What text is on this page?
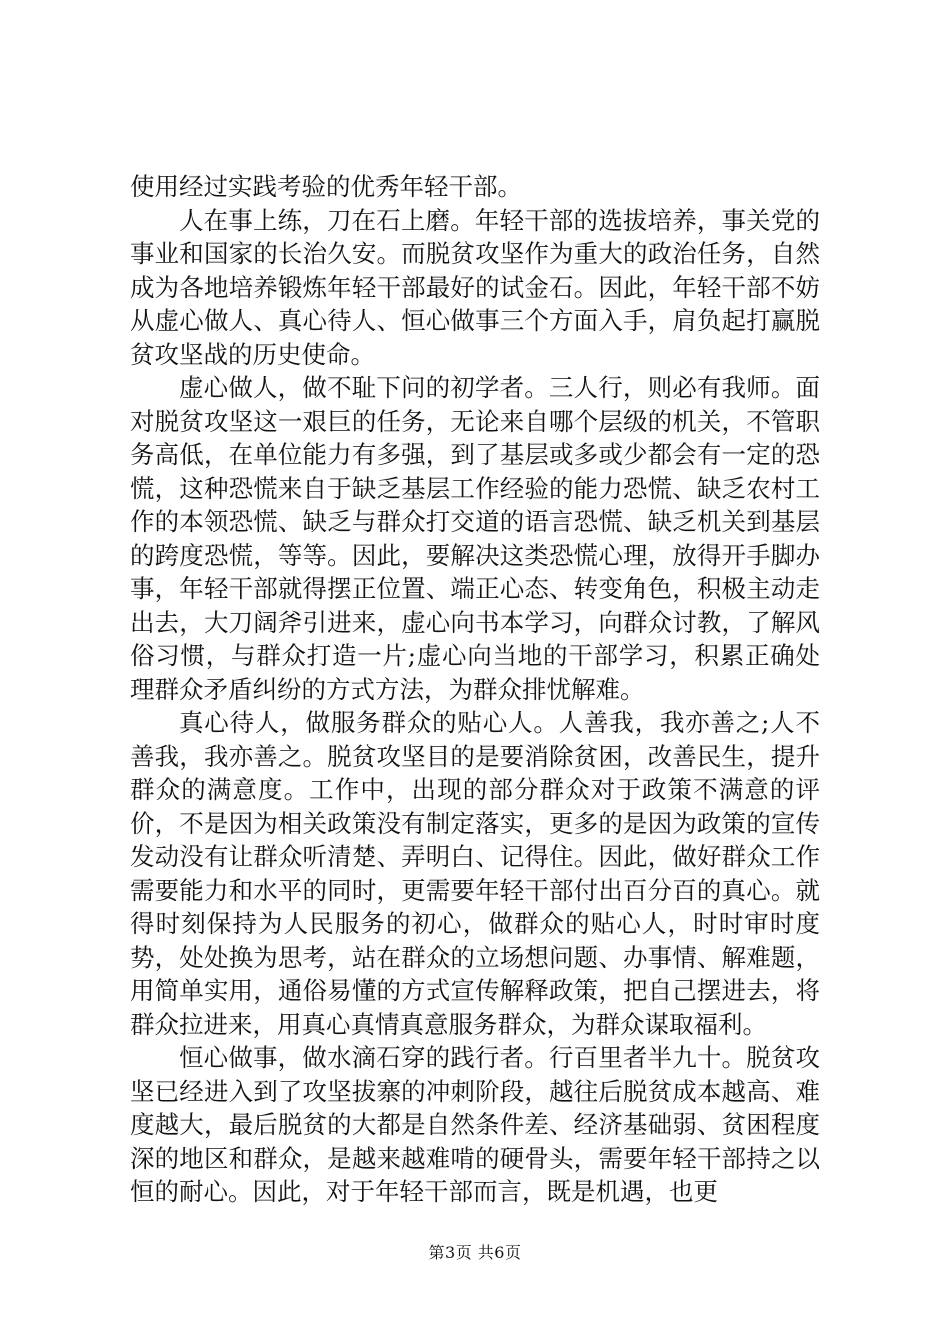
使用经过实践考验的优秀年轻干部。

人在事上练，刀在石上磨。年轻干部的选拔培养，事关党的事业和国家的长治久安。而脱贫攻坚作为重大的政治任务，自然成为各地培养锻炼年轻干部最好的试金石。因此，年轻干部不妨从虚心做人、真心待人、恒心做事三个方面入手，肩负起打赢脱贫攻坚战的历史使命。

虚心做人，做不耻下问的初学者。三人行，则必有我师。面对脱贫攻坚这一艰巨的任务，无论来自哪个层级的机关，不管职务高低，在单位能力有多强，到了基层或多或少都会有一定的恐慌，这种恐慌来自于缺乏基层工作经验的能力恐慌、缺乏农村工作的本领恐慌、缺乏与群众打交道的语言恐慌、缺乏机关到基层的跨度恐慌，等等。因此，要解决这类恐慌心理，放得开手脚办事，年轻干部就得摆正位置、端正心态、转变角色，积极主动走出去，大刀阔斧引进来，虚心向书本学习，向群众讨教，了解风俗习惯，与群众打造一片;虚心向当地的干部学习，积累正确处理群众矛盾纠纷的方式方法，为群众排忧解难。

真心待人，做服务群众的贴心人。人善我，我亦善之;人不善我，我亦善之。脱贫攻坚目的是要消除贫困，改善民生，提升群众的满意度。工作中，出现的部分群众对于政策不满意的评价，不是因为相关政策没有制定落实，更多的是因为政策的宣传发动没有让群众听清楚、弄明白、记得住。因此，做好群众工作需要能力和水平的同时，更需要年轻干部付出百分百的真心。就得时刻保持为人民服务的初心，做群众的贴心人，时时审时度势，处处换为思考，站在群众的立场想问题、办事情、解难题，用简单实用，通俗易懂的方式宣传解释政策，把自己摆进去，将群众拉进来，用真心真情真意服务群众，为群众谋取福利。

恒心做事，做水滴石穿的践行者。行百里者半九十。脱贫攻坚已经进入到了攻坚拔寨的冲刺阶段，越往后脱贫成本越高、难度越大，最后脱贫的大都是自然条件差、经济基础弱、贫困程度深的地区和群众，是越来越难啃的硬骨头，需要年轻干部持之以恒的耐心。因此，对于年轻干部而言，既是机遇，也更

第3页 共6页
